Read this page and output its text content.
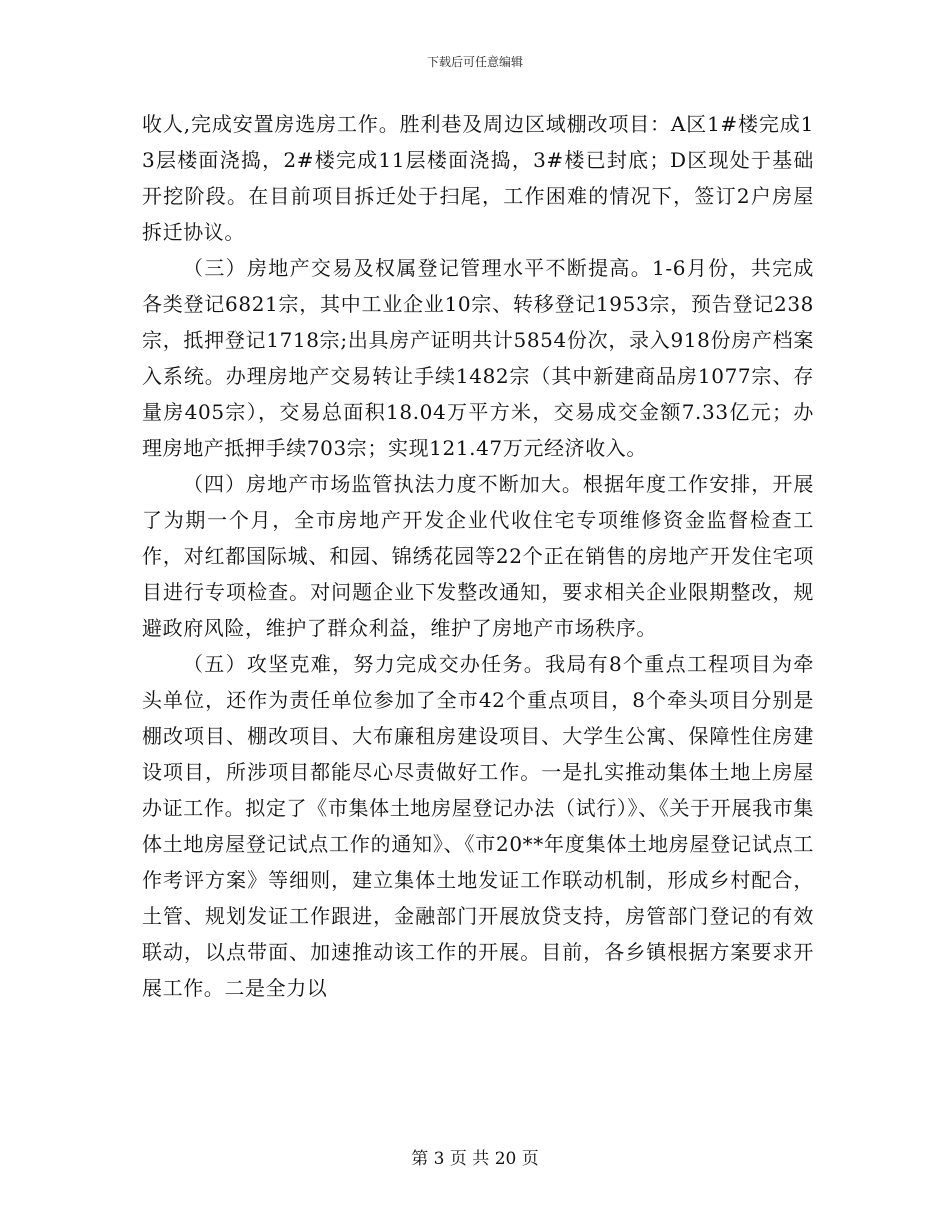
下载后可任意编辑

收人,完成安置房选房工作。胜利巷及周边区域棚改项目：A区1#楼完成13层楼面浇捣，2#楼完成11层楼面浇捣，3#楼已封底；D区现处于基础开挖阶段。在目前项目拆迁处于扫尾，工作困难的情况下，签订2户房屋拆迁协议。

（三）房地产交易及权属登记管理水平不断提高。1-6月份，共完成各类登记6821宗，其中工业企业10宗、转移登记1953宗，预告登记238宗，抵押登记1718宗;出具房产证明共计5854份次，录入918份房产档案入系统。办理房地产交易转让手续1482宗（其中新建商品房1077宗、存量房405宗），交易总面积18.04万平方米，交易成交金额7.33亿元；办理房地产抵押手续703宗；实现121.47万元经济收入。

（四）房地产市场监管执法力度不断加大。根据年度工作安排，开展了为期一个月，全市房地产开发企业代收住宅专项维修资金监督检查工作，对红都国际城、和园、锦绣花园等22个正在销售的房地产开发住宅项目进行专项检查。对问题企业下发整改通知，要求相关企业限期整改，规避政府风险，维护了群众利益，维护了房地产市场秩序。

（五）攻坚克难，努力完成交办任务。我局有8个重点工程项目为牵头单位，还作为责任单位参加了全市42个重点项目，8个牵头项目分别是棚改项目、棚改项目、大布廉租房建设项目、大学生公寓、保障性住房建设项目，所涉项目都能尽心尽责做好工作。一是扎实推动集体土地上房屋办证工作。拟定了《市集体土地房屋登记办法（试行）》、《关于开展我市集体土地房屋登记试点工作的通知》、《市20**年度集体土地房屋登记试点工作考评方案》等细则，建立集体土地发证工作联动机制，形成乡村配合，土管、规划发证工作跟进，金融部门开展放贷支持，房管部门登记的有效联动，以点带面、加速推动该工作的开展。目前，各乡镇根据方案要求开展工作。二是全力以

第 3 页 共 20 页
